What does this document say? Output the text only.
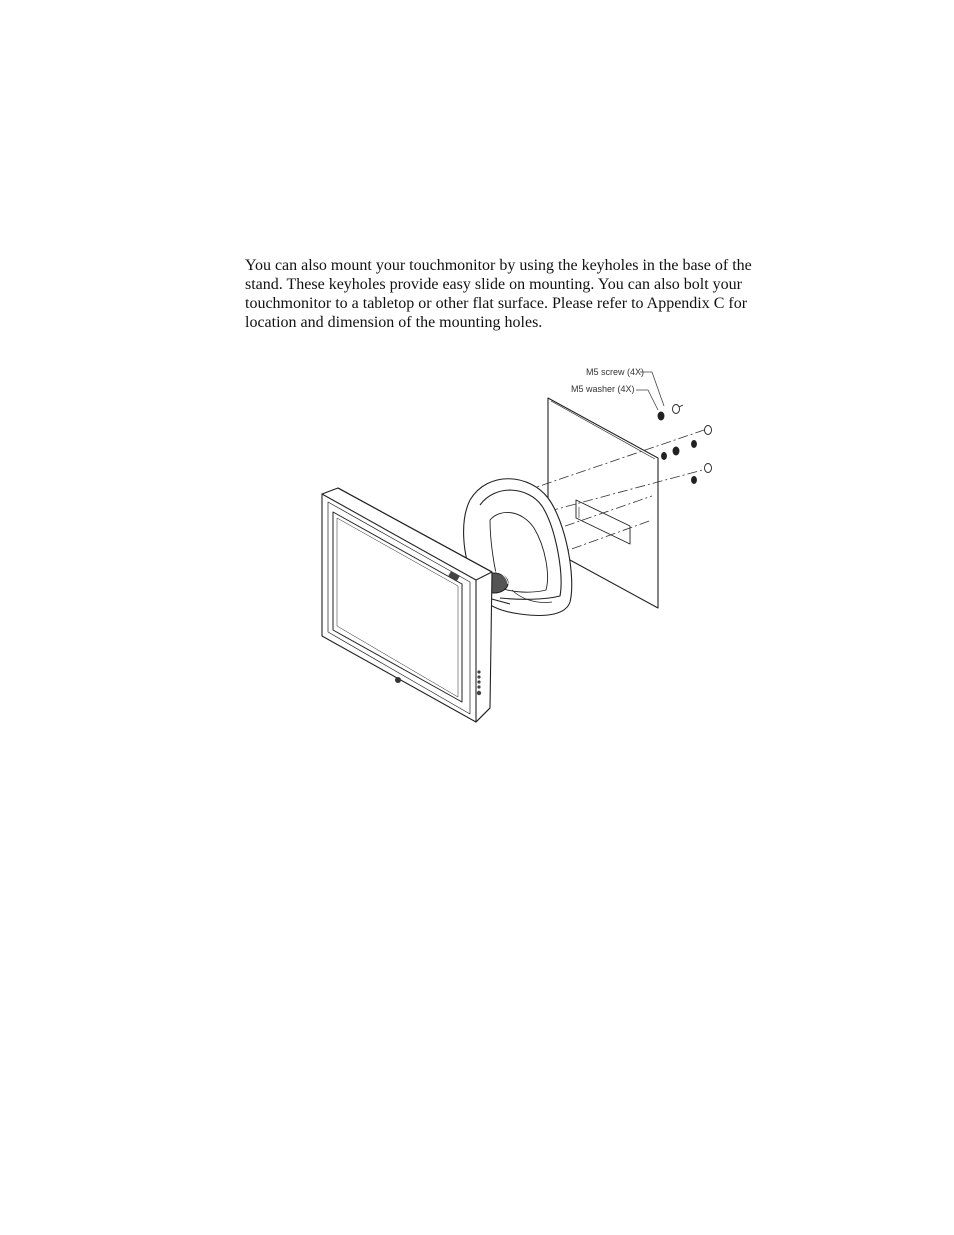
You can also mount your touchmonitor by using the keyholes in the base of the
stand. These keyholes provide easy slide on mounting. You can also bolt your
touchmonitor to a tabletop or other flat surface. Please refer to Appendix C for
location and dimension of the mounting holes.
M5 screw (4X)
M5 washer (4X)
